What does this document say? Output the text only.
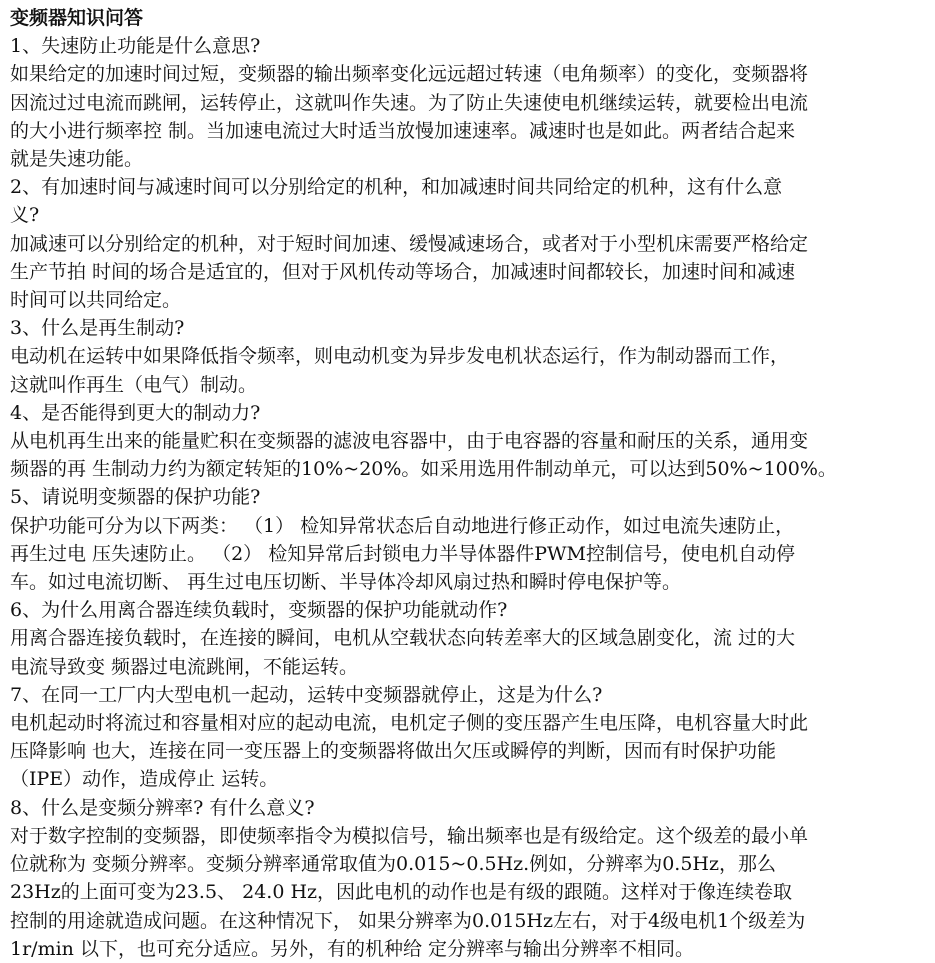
变频器知识问答
1、失速防止功能是什么意思?
如果给定的加速时间过短，变频器的输出频率变化远远超过转速（电角频率）的变化，变频器将
因流过过电流而跳闸，运转停止，这就叫作失速。为了防止失速使电机继续运转，就要检出电流
的大小进行频率控 制。当加速电流过大时适当放慢加速速率。减速时也是如此。两者结合起来
就是失速功能。
2、有加速时间与减速时间可以分别给定的机种，和加减速时间共同给定的机种，这有什么意
义?
加减速可以分别给定的机种，对于短时间加速、缓慢减速场合，或者对于小型机床需要严格给定
生产节拍 时间的场合是适宜的，但对于风机传动等场合，加减速时间都较长，加速时间和减速
时间可以共同给定。
3、什么是再生制动?
电动机在运转中如果降低指令频率，则电动机变为异步发电机状态运行，作为制动器而工作，
这就叫作再生（电气）制动。
4、是否能得到更大的制动力?
从电机再生出来的能量贮积在变频器的滤波电容器中，由于电容器的容量和耐压的关系，通用变
频器的再 生制动力约为额定转矩的10%~20%。如采用选用件制动单元，可以达到50%~100%。
5、请说明变频器的保护功能?
保护功能可分为以下两类： （1） 检知异常状态后自动地进行修正动作，如过电流失速防止，
再生过电 压失速防止。 （2） 检知异常后封锁电力半导体器件PWM控制信号，使电机自动停
车。如过电流切断、 再生过电压切断、半导体冷却风扇过热和瞬时停电保护等。
6、为什么用离合器连续负载时，变频器的保护功能就动作?
用离合器连接负载时，在连接的瞬间，电机从空载状态向转差率大的区域急剧变化，流 过的大
电流导致变 频器过电流跳闸，不能运转。
7、在同一工厂内大型电机一起动，运转中变频器就停止，这是为什么?
电机起动时将流过和容量相对应的起动电流，电机定子侧的变压器产生电压降，电机容量大时此
压降影响 也大，连接在同一变压器上的变频器将做出欠压或瞬停的判断，因而有时保护功能
（IPE）动作，造成停止 运转。
8、什么是变频分辨率? 有什么意义?
对于数字控制的变频器，即使频率指令为模拟信号，输出频率也是有级给定。这个级差的最小单
位就称为 变频分辨率。变频分辨率通常取值为0.015~0.5Hz.例如，分辨率为0.5Hz，那么
23Hz的上面可变为23.5、 24.0 Hz，因此电机的动作也是有级的跟随。这样对于像连续卷取
控制的用途就造成问题。在这种情况下， 如果分辨率为0.015Hz左右，对于4级电机1个级差为
1r/min 以下，也可充分适应。另外，有的机种给 定分辨率与输出分辨率不相同。
